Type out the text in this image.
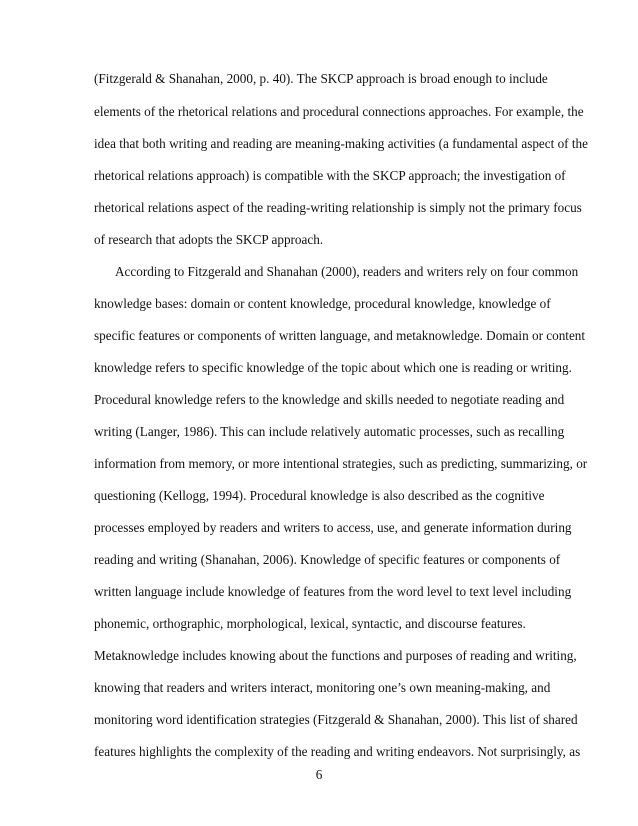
(Fitzgerald & Shanahan, 2000, p. 40). The SKCP approach is broad enough to include
elements of the rhetorical relations and procedural connections approaches. For example, the
idea that both writing and reading are meaning-making activities (a fundamental aspect of the
rhetorical relations approach) is compatible with the SKCP approach; the investigation of
rhetorical relations aspect of the reading-writing relationship is simply not the primary focus
of research that adopts the SKCP approach.
According to Fitzgerald and Shanahan (2000), readers and writers rely on four common
knowledge bases: domain or content knowledge, procedural knowledge, knowledge of
specific features or components of written language, and metaknowledge. Domain or content
knowledge refers to specific knowledge of the topic about which one is reading or writing.
Procedural knowledge refers to the knowledge and skills needed to negotiate reading and
writing (Langer, 1986). This can include relatively automatic processes, such as recalling
information from memory, or more intentional strategies, such as predicting, summarizing, or
questioning (Kellogg, 1994). Procedural knowledge is also described as the cognitive
processes employed by readers and writers to access, use, and generate information during
reading and writing (Shanahan, 2006). Knowledge of specific features or components of
written language include knowledge of features from the word level to text level including
phonemic, orthographic, morphological, lexical, syntactic, and discourse features.
Metaknowledge includes knowing about the functions and purposes of reading and writing,
knowing that readers and writers interact, monitoring one’s own meaning-making, and
monitoring word identification strategies (Fitzgerald & Shanahan, 2000). This list of shared
features highlights the complexity of the reading and writing endeavors. Not surprisingly, as
6
